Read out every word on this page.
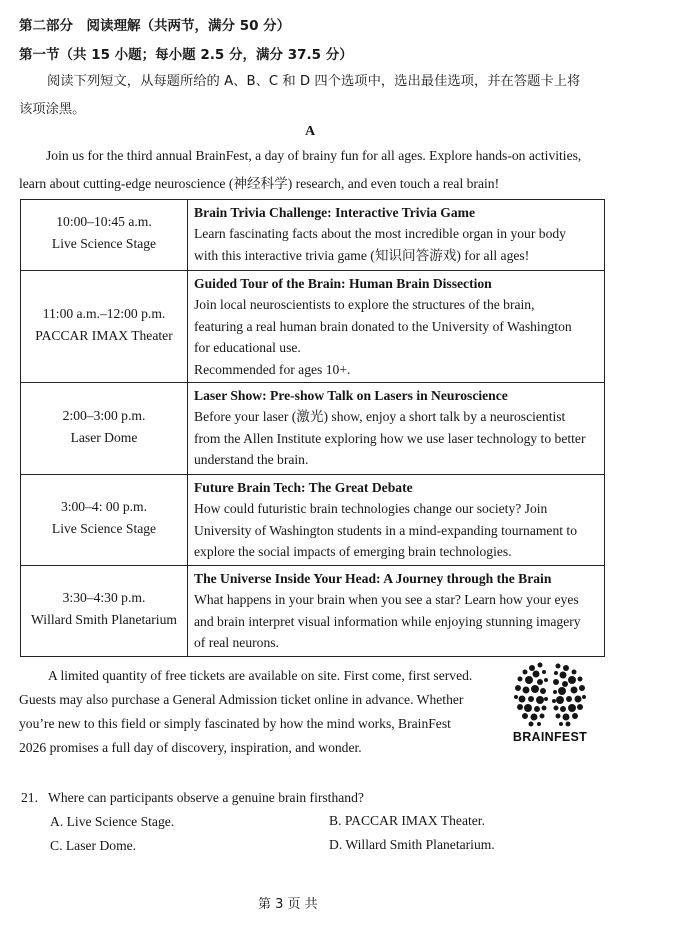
第二部分　阅读理解（共两节，满分 50 分）
第一节（共 15 小题；每小题 2.5 分，满分 37.5 分）
阅读下列短文，从每题所给的 A、B、C 和 D 四个选项中，选出最佳选项，并在答题卡上将
该项涂黑。
A
Join us for the third annual BrainFest, a day of brainy fun for all ages. Explore hands-on activities,
learn about cutting-edge neuroscience (神经科学) research, and even touch a real brain!
10:00–10:45 a.m.
Live Science Stage	Brain Trivia Challenge: Interactive Trivia Game
Learn fascinating facts about the most incredible organ in your body
with this interactive trivia game (知识问答游戏) for all ages!

11:00 a.m.–12:00 p.m.
PACCAR IMAX Theater	Guided Tour of the Brain: Human Brain Dissection
Join local neuroscientists to explore the structures of the brain,
featuring a real human brain donated to the University of Washington
for educational use.
Recommended for ages 10+.

2:00–3:00 p.m.
Laser Dome	Laser Show: Pre-show Talk on Lasers in Neuroscience
Before your laser (激光) show, enjoy a short talk by a neuroscientist
from the Allen Institute exploring how we use laser technology to better
understand the brain.

3:00–4: 00 p.m.
Live Science Stage	Future Brain Tech: The Great Debate
How could futuristic brain technologies change our society? Join
University of Washington students in a mind-expanding tournament to
explore the social impacts of emerging brain technologies.

3:30–4:30 p.m.
Willard Smith Planetarium	The Universe Inside Your Head: A Journey through the Brain
What happens in your brain when you see a star? Learn how your eyes
and brain interpret visual information while enjoying stunning imagery
of real neurons.
A limited quantity of free tickets are available on site. First come, first served.
Guests may also purchase a General Admission ticket online in advance. Whether
you’re new to this field or simply fascinated by how the mind works, BrainFest
2026 promises a full day of discovery, inspiration, and wonder.
BRAINFEST
21. Where can participants observe a genuine brain firsthand?
A. Live Science Stage.	B. PACCAR IMAX Theater.
C. Laser Dome.	D. Willard Smith Planetarium.
第 3 页 共
